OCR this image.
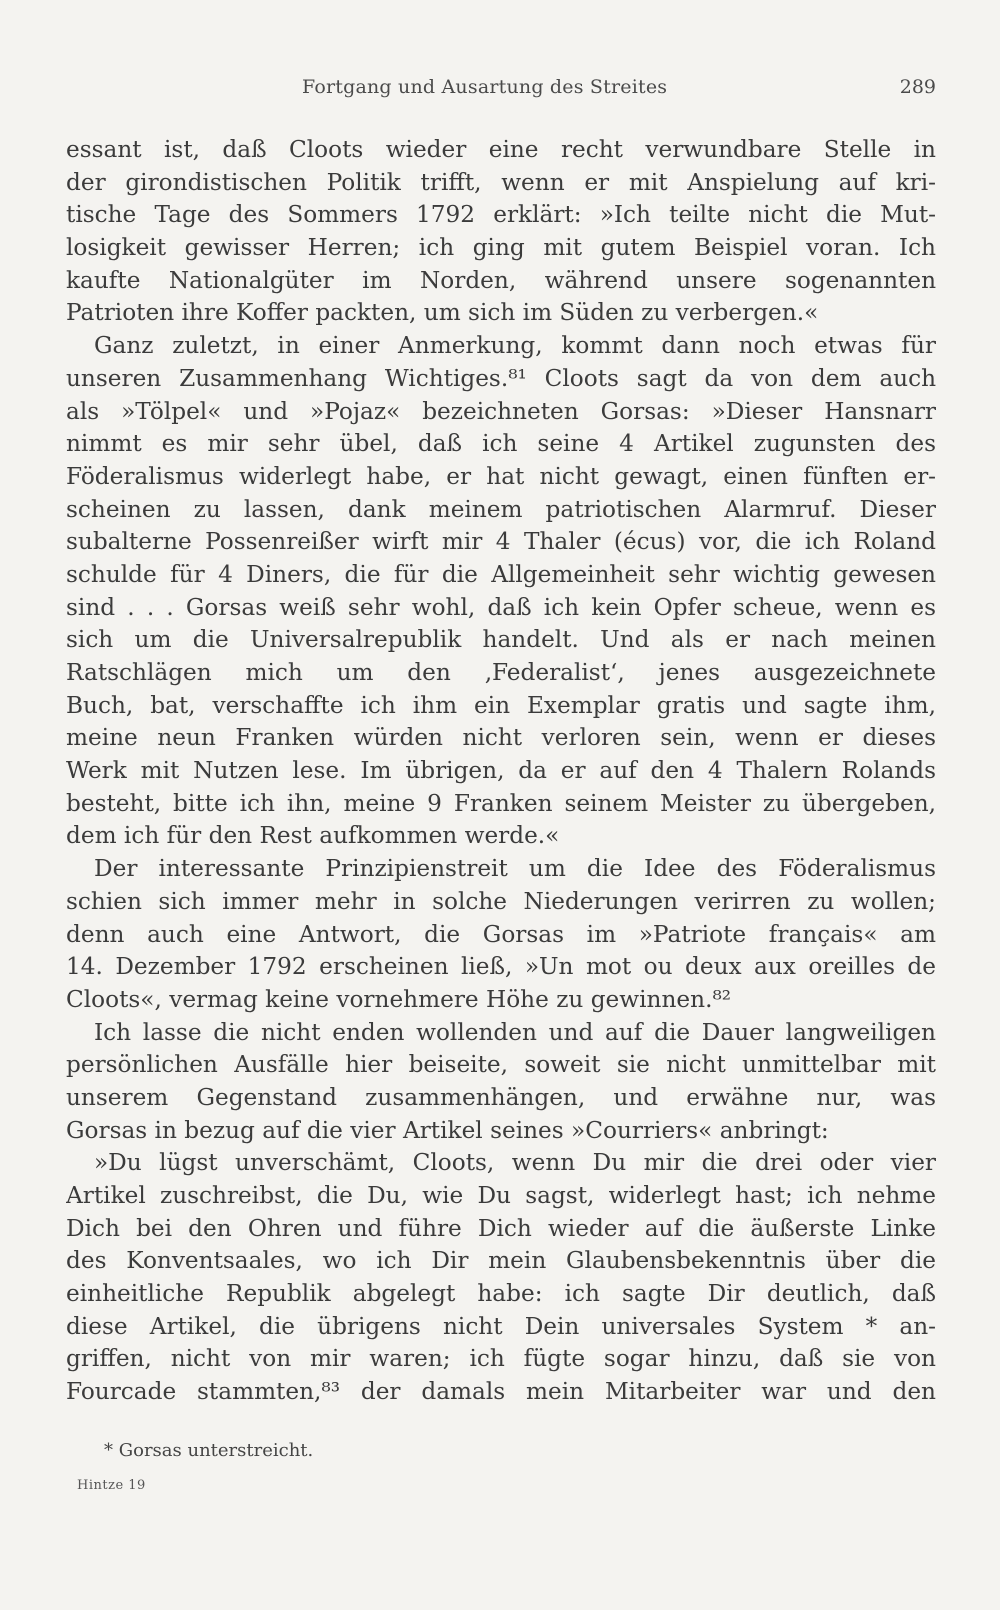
Fortgang und Ausartung des Streites	289
essant ist, daß Cloots wieder eine recht verwundbare Stelle in
der girondistischen Politik trifft, wenn er mit Anspielung auf kri-
tische Tage des Sommers 1792 erklärt: »Ich teilte nicht die Mut-
losigkeit gewisser Herren; ich ging mit gutem Beispiel voran. Ich
kaufte Nationalgüter im Norden, während unsere sogenannten
Patrioten ihre Koffer packten, um sich im Süden zu verbergen.«
Ganz zuletzt, in einer Anmerkung, kommt dann noch etwas für
unseren Zusammenhang Wichtiges.⁸¹ Cloots sagt da von dem auch
als »Tölpel« und »Pojaz« bezeichneten Gorsas: »Dieser Hansnarr
nimmt es mir sehr übel, daß ich seine 4 Artikel zugunsten des
Föderalismus widerlegt habe, er hat nicht gewagt, einen fünften er-
scheinen zu lassen, dank meinem patriotischen Alarmruf. Dieser
subalterne Possenreißer wirft mir 4 Thaler (écus) vor, die ich Roland
schulde für 4 Diners, die für die Allgemeinheit sehr wichtig gewesen
sind . . . Gorsas weiß sehr wohl, daß ich kein Opfer scheue, wenn es
sich um die Universalrepublik handelt. Und als er nach meinen
Ratschlägen mich um den ‚Federalist‘, jenes ausgezeichnete
Buch, bat, verschaffte ich ihm ein Exemplar gratis und sagte ihm,
meine neun Franken würden nicht verloren sein, wenn er dieses
Werk mit Nutzen lese. Im übrigen, da er auf den 4 Thalern Rolands
besteht, bitte ich ihn, meine 9 Franken seinem Meister zu übergeben,
dem ich für den Rest aufkommen werde.«
Der interessante Prinzipienstreit um die Idee des Föderalismus
schien sich immer mehr in solche Niederungen verirren zu wollen;
denn auch eine Antwort, die Gorsas im »Patriote français« am
14. Dezember 1792 erscheinen ließ, »Un mot ou deux aux oreilles de
Cloots«, vermag keine vornehmere Höhe zu gewinnen.⁸²
Ich lasse die nicht enden wollenden und auf die Dauer langweiligen
persönlichen Ausfälle hier beiseite, soweit sie nicht unmittelbar mit
unserem Gegenstand zusammenhängen, und erwähne nur, was
Gorsas in bezug auf die vier Artikel seines »Courriers« anbringt:
»Du lügst unverschämt, Cloots, wenn Du mir die drei oder vier
Artikel zuschreibst, die Du, wie Du sagst, widerlegt hast; ich nehme
Dich bei den Ohren und führe Dich wieder auf die äußerste Linke
des Konventsaales, wo ich Dir mein Glaubensbekenntnis über die
einheitliche Republik abgelegt habe: ich sagte Dir deutlich, daß
diese Artikel, die übrigens nicht Dein universales System * an-
griffen, nicht von mir waren; ich fügte sogar hinzu, daß sie von
Fourcade stammten,⁸³ der damals mein Mitarbeiter war und den
* Gorsas unterstreicht.
Hintze 19
